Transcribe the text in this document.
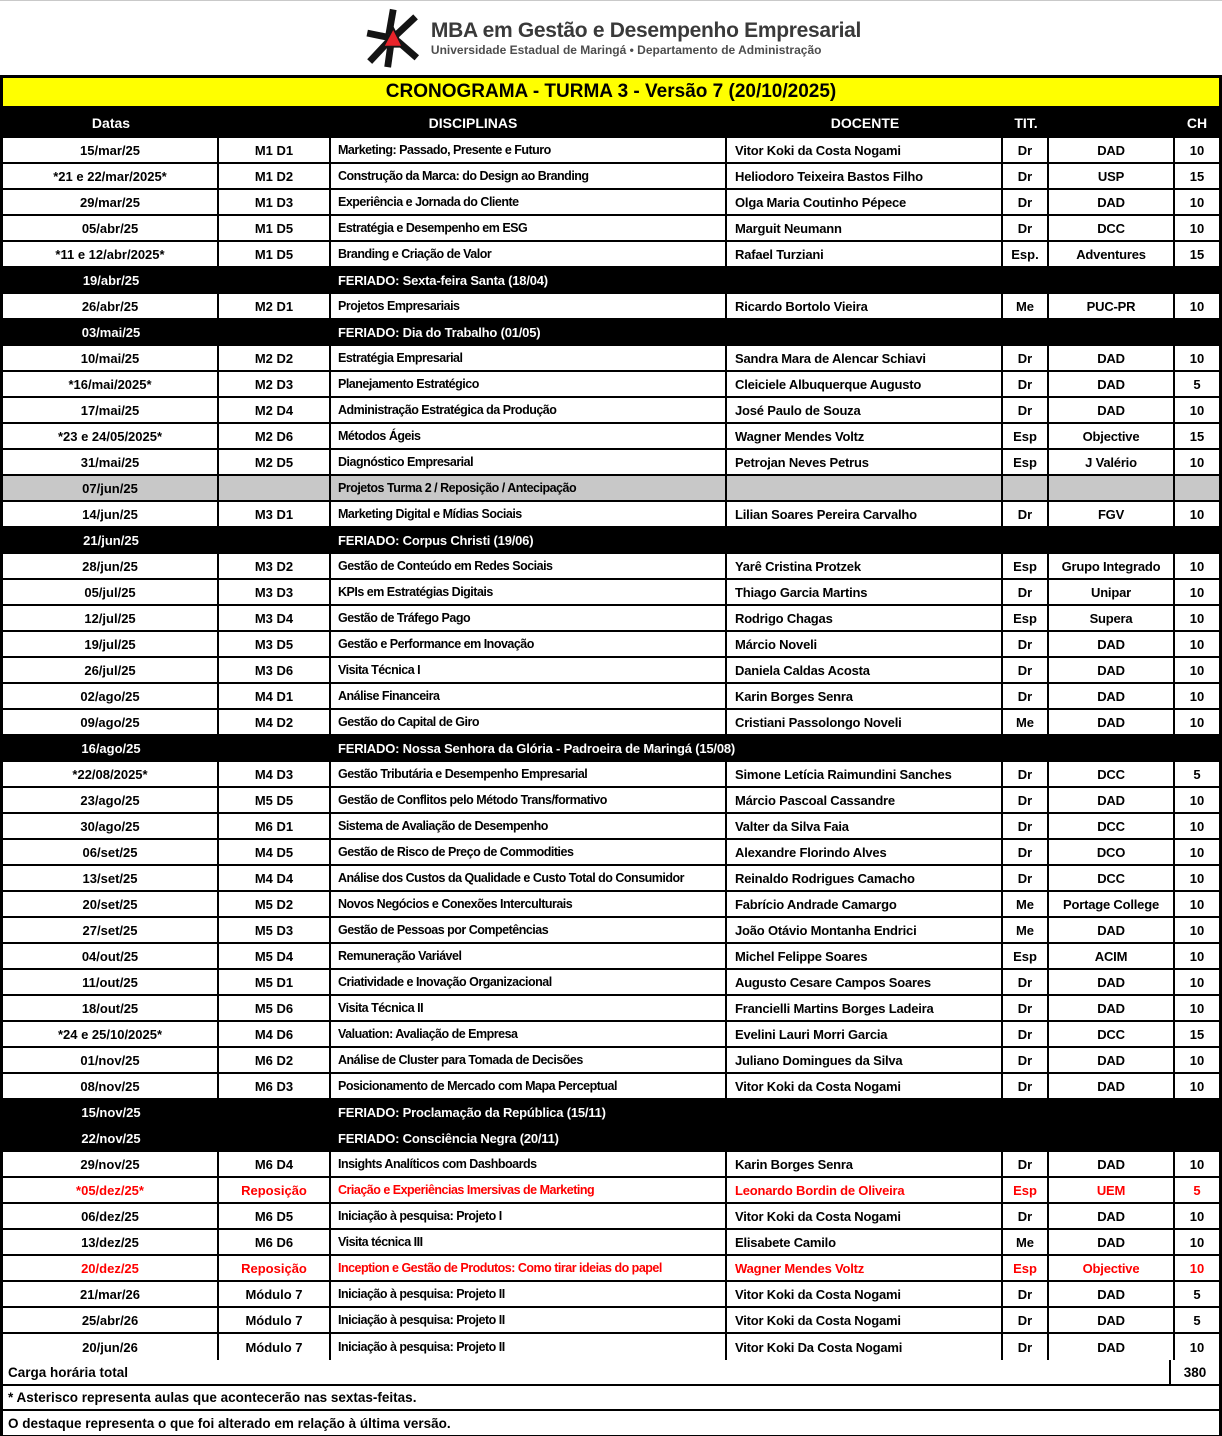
MBA em Gestão e Desempenho Empresarial
Universidade Estadual de Maringá • Departamento de Administração
CRONOGRAMA - TURMA 3 - Versão 7 (20/10/2025)
Datas	DISCIPLINAS	DOCENTE	TIT.	CH
15/mar/25	M1 D1	Marketing: Passado, Presente e Futuro	Vitor Koki da Costa Nogami	Dr	DAD	10
*21 e 22/mar/2025*	M1 D2	Construção da Marca: do Design ao Branding	Heliodoro Teixeira Bastos Filho	Dr	USP	15
29/mar/25	M1 D3	Experiência e Jornada do Cliente	Olga Maria Coutinho Pépece	Dr	DAD	10
05/abr/25	M1 D5	Estratégia e Desempenho em ESG	Marguit Neumann	Dr	DCC	10
*11 e 12/abr/2025*	M1 D5	Branding e Criação de Valor	Rafael Turziani	Esp.	Adventures	15
19/abr/25	FERIADO: Sexta-feira Santa (18/04)
26/abr/25	M2 D1	Projetos Empresariais	Ricardo Bortolo Vieira	Me	PUC-PR	10
03/mai/25	FERIADO: Dia do Trabalho (01/05)
10/mai/25	M2 D2	Estratégia Empresarial	Sandra Mara de Alencar Schiavi	Dr	DAD	10
*16/mai/2025*	M2 D3	Planejamento Estratégico	Cleiciele Albuquerque Augusto	Dr	DAD	5
17/mai/25	M2 D4	Administração Estratégica da Produção	José Paulo de Souza	Dr	DAD	10
*23 e 24/05/2025*	M2 D6	Métodos Ágeis	Wagner Mendes Voltz	Esp	Objective	15
31/mai/25	M2 D5	Diagnóstico Empresarial	Petrojan Neves Petrus	Esp	J Valério	10
07/jun/25	Projetos Turma 2 / Reposição / Antecipação
14/jun/25	M3 D1	Marketing Digital e Mídias Sociais	Lilian Soares Pereira Carvalho	Dr	FGV	10
21/jun/25	FERIADO: Corpus Christi (19/06)
28/jun/25	M3 D2	Gestão de Conteúdo em Redes Sociais	Yarê Cristina Protzek	Esp	Grupo Integrado	10
05/jul/25	M3 D3	KPIs em Estratégias Digitais	Thiago Garcia Martins	Dr	Unipar	10
12/jul/25	M3 D4	Gestão de Tráfego Pago	Rodrigo Chagas	Esp	Supera	10
19/jul/25	M3 D5	Gestão e Performance em Inovação	Márcio Noveli	Dr	DAD	10
26/jul/25	M3 D6	Visita Técnica I	Daniela Caldas Acosta	Dr	DAD	10
02/ago/25	M4 D1	Análise Financeira	Karin Borges Senra	Dr	DAD	10
09/ago/25	M4 D2	Gestão do Capital de Giro	Cristiani Passolongo Noveli	Me	DAD	10
16/ago/25	FERIADO: Nossa Senhora da Glória - Padroeira de Maringá (15/08)
*22/08/2025*	M4 D3	Gestão Tributária e Desempenho Empresarial	Simone Letícia Raimundini Sanches	Dr	DCC	5
23/ago/25	M5 D5	Gestão de Conflitos pelo Método Trans/formativo	Márcio Pascoal Cassandre	Dr	DAD	10
30/ago/25	M6 D1	Sistema de Avaliação de Desempenho	Valter da Silva Faia	Dr	DCC	10
06/set/25	M4 D5	Gestão de Risco de Preço de Commodities	Alexandre Florindo Alves	Dr	DCO	10
13/set/25	M4 D4	Análise dos Custos da Qualidade e Custo Total do Consumidor	Reinaldo Rodrigues Camacho	Dr	DCC	10
20/set/25	M5 D2	Novos Negócios e Conexões Interculturais	Fabrício Andrade Camargo	Me	Portage College	10
27/set/25	M5 D3	Gestão de Pessoas por Competências	João Otávio Montanha Endrici	Me	DAD	10
04/out/25	M5 D4	Remuneração Variável	Michel Felippe Soares	Esp	ACIM	10
11/out/25	M5 D1	Criatividade e Inovação Organizacional	Augusto Cesare Campos Soares	Dr	DAD	10
18/out/25	M5 D6	Visita Técnica II	Francielli Martins Borges Ladeira	Dr	DAD	10
*24 e 25/10/2025*	M4 D6	Valuation: Avaliação de Empresa	Evelini Lauri Morri Garcia	Dr	DCC	15
01/nov/25	M6 D2	Análise de Cluster para Tomada de Decisões	Juliano Domingues da Silva	Dr	DAD	10
08/nov/25	M6 D3	Posicionamento de Mercado com Mapa Perceptual	Vitor Koki da Costa Nogami	Dr	DAD	10
15/nov/25	FERIADO: Proclamação da República (15/11)
22/nov/25	FERIADO: Consciência Negra (20/11)
29/nov/25	M6 D4	Insights Analíticos com Dashboards	Karin Borges Senra	Dr	DAD	10
*05/dez/25*	Reposição	Criação e Experiências Imersivas de Marketing	Leonardo Bordin de Oliveira	Esp	UEM	5
06/dez/25	M6 D5	Iniciação à pesquisa: Projeto I	Vitor Koki da Costa Nogami	Dr	DAD	10
13/dez/25	M6 D6	Visita técnica III	Elisabete Camilo	Me	DAD	10
20/dez/25	Reposição	Inception e Gestão de Produtos: Como tirar ideias do papel	Wagner Mendes Voltz	Esp	Objective	10
21/mar/26	Módulo 7	Iniciação à pesquisa: Projeto II	Vitor Koki da Costa Nogami	Dr	DAD	5
25/abr/26	Módulo 7	Iniciação à pesquisa: Projeto II	Vitor Koki da Costa Nogami	Dr	DAD	5
20/jun/26	Módulo 7	Iniciação à pesquisa: Projeto II	Vitor Koki Da Costa Nogami	Dr	DAD	10
Carga horária total	380
* Asterisco representa aulas que acontecerão nas sextas-feitas.
O destaque representa o que foi alterado em relação à última versão.
